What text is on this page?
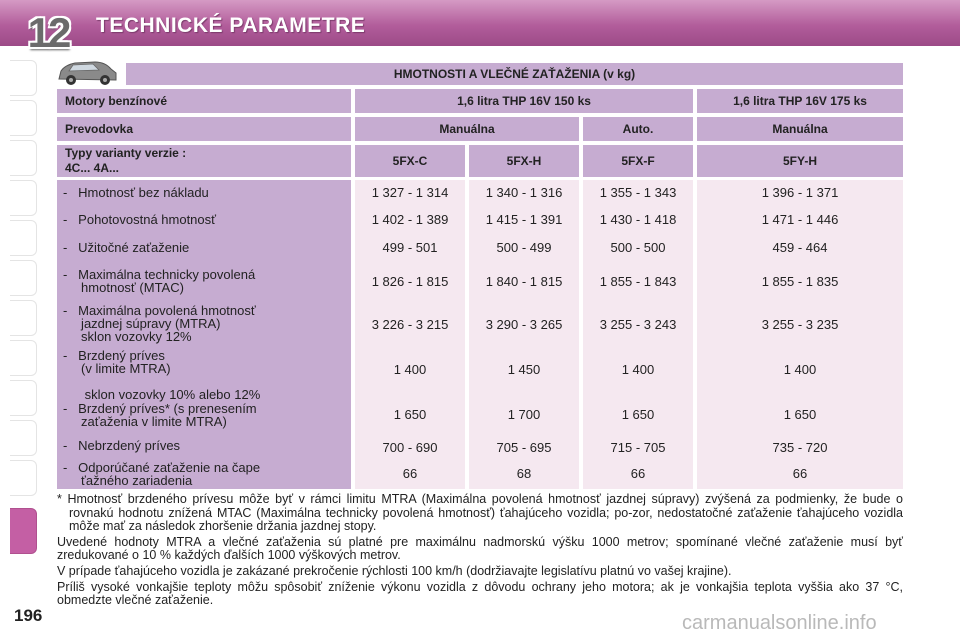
12	TECHNICKÉ PARAMETRE
HMOTNOSTI A VLEČNÉ ZAŤAŽENIA (v kg)
Motory benzínové	1,6 litra THP 16V 150 ks	1,6 litra THP 16V 175 ks
Prevodovka	Manuálna	Auto.	Manuálna
Typy varianty verzie :
4C... 4A...	5FX-C	5FX-H	5FX-F	5FY-H
-   Hmotnosť bez nákladu	1 327 - 1 314	1 340 - 1 316	1 355 - 1 343	1 396 - 1 371
-   Pohotovostná hmotnosť	1 402 - 1 389	1 415 - 1 391	1 430 - 1 418	1 471 - 1 446
-   Užitočné zaťaženie	499 - 501	500 - 499	500 - 500	459 - 464
-   Maximálna technicky povolená
hmotnosť (MTAC)	1 826 - 1 815	1 840 - 1 815	1 855 - 1 843	1 855 - 1 835
-   Maximálna povolená hmotnosť
jazdnej súpravy (MTRA)
sklon vozovky 12%
3 226 - 3 215	3 290 - 3 265	3 255 - 3 243	3 255 - 3 235
-   Brzdený príves
(v limite MTRA)

sklon vozovky 10% alebo 12%
1 400	1 450	1 400	1 400
-   Brzdený príves* (s prenesením
zaťaženia v limite MTRA)	1 650	1 700	1 650	1 650
-   Nebrzdený príves	700 - 690	705 - 695	715 - 705	735 - 720
-   Odporúčané zaťaženie na čape
ťažného zariadenia	66	68	66	66

* Hmotnosť brzdeného prívesu môže byť v rámci limitu MTRA (Maximálna povolená hmotnosť jazdnej súpravy) zvýšená za podmienky, že bude o rovnakú hodnotu znížená MTAC (Maximálna technicky povolená hmotnosť) ťahajúceho vozidla; po-zor, nedostatočné zaťaženie ťahajúceho vozidla môže mať za následok zhoršenie držania jazdnej stopy.

Uvedené hodnoty MTRA a vlečné zaťaženia sú platné pre maximálnu nadmorskú výšku 1000 metrov; spomínané vlečné zaťaženie musí byť zredukované o 10 % každých ďalších 1000 výškových metrov.

V prípade ťahajúceho vozidla je zakázané prekročenie rýchlosti 100 km/h (dodržiavajte legislatívu platnú vo vašej krajine).

Príliš vysoké vonkajšie teploty môžu spôsobiť zníženie výkonu vozidla z dôvodu ochrany jeho motora; ak je vonkajšia teplota vyššia ako 37 °C, obmedzte vlečné zaťaženie.

196	carmanualsonline.info
